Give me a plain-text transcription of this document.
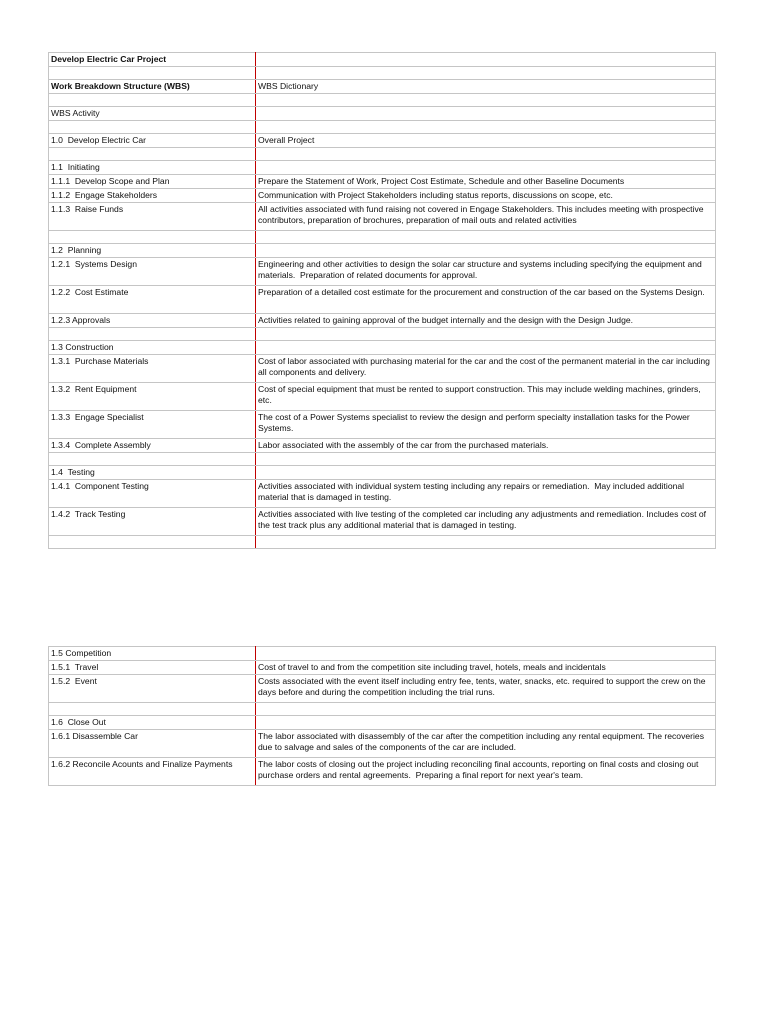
Develop Electric Car Project	

Work Breakdown Structure (WBS)	WBS Dictionary

WBS Activity	

1.0  Develop Electric Car	Overall Project

1.1  Initiating	
1.1.1  Develop Scope and Plan	Prepare the Statement of Work, Project Cost Estimate, Schedule and other Baseline Documents
1.1.2  Engage Stakeholders	Communication with Project Stakeholders including status reports, discussions on scope, etc.
1.1.3  Raise Funds	All activities associated with fund raising not covered in Engage Stakeholders. This includes meeting with prospective contributors, preparation of brochures, preparation of mail outs and related activities

1.2  Planning	
1.2.1  Systems Design	Engineering and other activities to design the solar car structure and systems including specifying the equipment and materials.  Preparation of related documents for approval.
1.2.2  Cost Estimate	Preparation of a detailed cost estimate for the procurement and construction of the car based on the Systems Design.
1.2.3 Approvals	Activities related to gaining approval of the budget internally and the design with the Design Judge.

1.3 Construction	
1.3.1  Purchase Materials	Cost of labor associated with purchasing material for the car and the cost of the permanent material in the car including all components and delivery.
1.3.2  Rent Equipment	Cost of special equipment that must be rented to support construction. This may include welding machines, grinders, etc.
1.3.3  Engage Specialist	The cost of a Power Systems specialist to review the design and perform specialty installation tasks for the Power Systems.
1.3.4  Complete Assembly	Labor associated with the assembly of the car from the purchased materials.

1.4  Testing	
1.4.1  Component Testing	Activities associated with individual system testing including any repairs or remediation.  May included additional material that is damaged in testing.
1.4.2  Track Testing	Activities associated with live testing of the completed car including any adjustments and remediation. Includes cost of the test track plus any additional material that is damaged in testing.

1.5 Competition	
1.5.1  Travel	Cost of travel to and from the competition site including travel, hotels, meals and incidentals
1.5.2  Event	Costs associated with the event itself including entry fee, tents, water, snacks, etc. required to support the crew on the days before and during the competition including the trial runs.

1.6  Close Out	
1.6.1 Disassemble Car	The labor associated with disassembly of the car after the competition including any rental equipment. The recoveries due to salvage and sales of the components of the car are included.
1.6.2 Reconcile Acounts and Finalize Payments	The labor costs of closing out the project including reconciling final accounts, reporting on final costs and closing out purchase orders and rental agreements.  Preparing a final report for next year's team.
